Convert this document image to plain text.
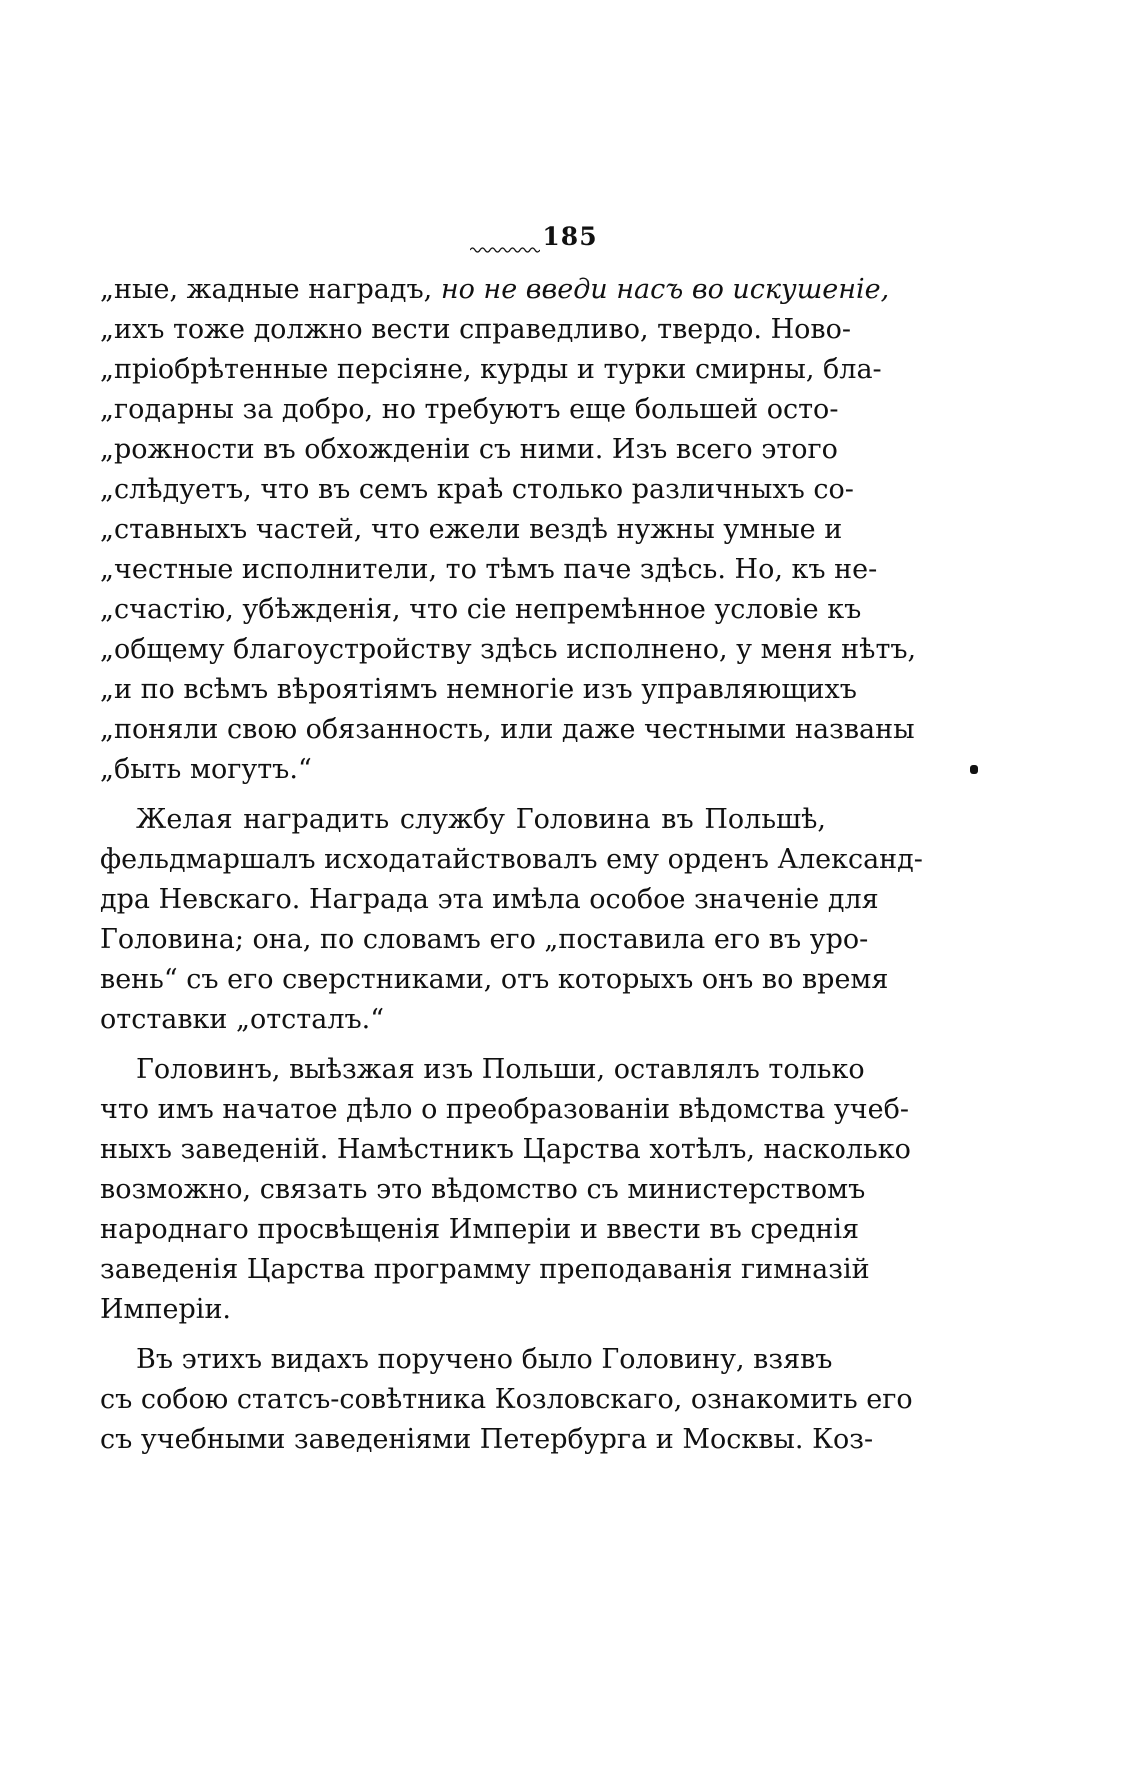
185
„ные, жадные наградъ, но не введи насъ во искушеніе,
„ихъ тоже должно вести справедливо, твердо. Ново-
„пріобрѣтенные персіяне, курды и турки смирны, бла-
„годарны за добро, но требуютъ еще большей осто-
„рожности въ обхожденіи съ ними. Изъ всего этого
„слѣдуетъ, что въ семъ краѣ столько различныхъ со-
„ставныхъ частей, что ежели вездѣ нужны умные и
„честные исполнители, то тѣмъ паче здѣсь. Но, къ не-
„счастію, убѣжденія, что сіе непремѣнное условіе къ
„общему благоустройству здѣсь исполнено, у меня нѣтъ,
„и по всѣмъ вѣроятіямъ немногіе изъ управляющихъ
„поняли свою обязанность, или даже честными названы
„быть могутъ.“
Желая наградить службу Головина въ Польшѣ,
фельдмаршалъ исходатайствовалъ ему орденъ Александ-
дра Невскаго. Награда эта имѣла особое значеніе для
Головина; она, по словамъ его „поставила его въ уро-
вень“ съ его сверстниками, отъ которыхъ онъ во время
отставки „отсталъ.“
Головинъ, выѣзжая изъ Польши, оставлялъ только
что имъ начатое дѣло о преобразованіи вѣдомства учеб-
ныхъ заведеній. Намѣстникъ Царства хотѣлъ, насколько
возможно, связать это вѣдомство съ министерствомъ
народнаго просвѣщенія Имперіи и ввести въ среднія
заведенія Царства программу преподаванія гимназій
Имперіи.
Въ этихъ видахъ поручено было Головину, взявъ
съ собою статсъ-совѣтника Козловскаго, ознакомить его
съ учебными заведеніями Петербурга и Москвы. Коз-
